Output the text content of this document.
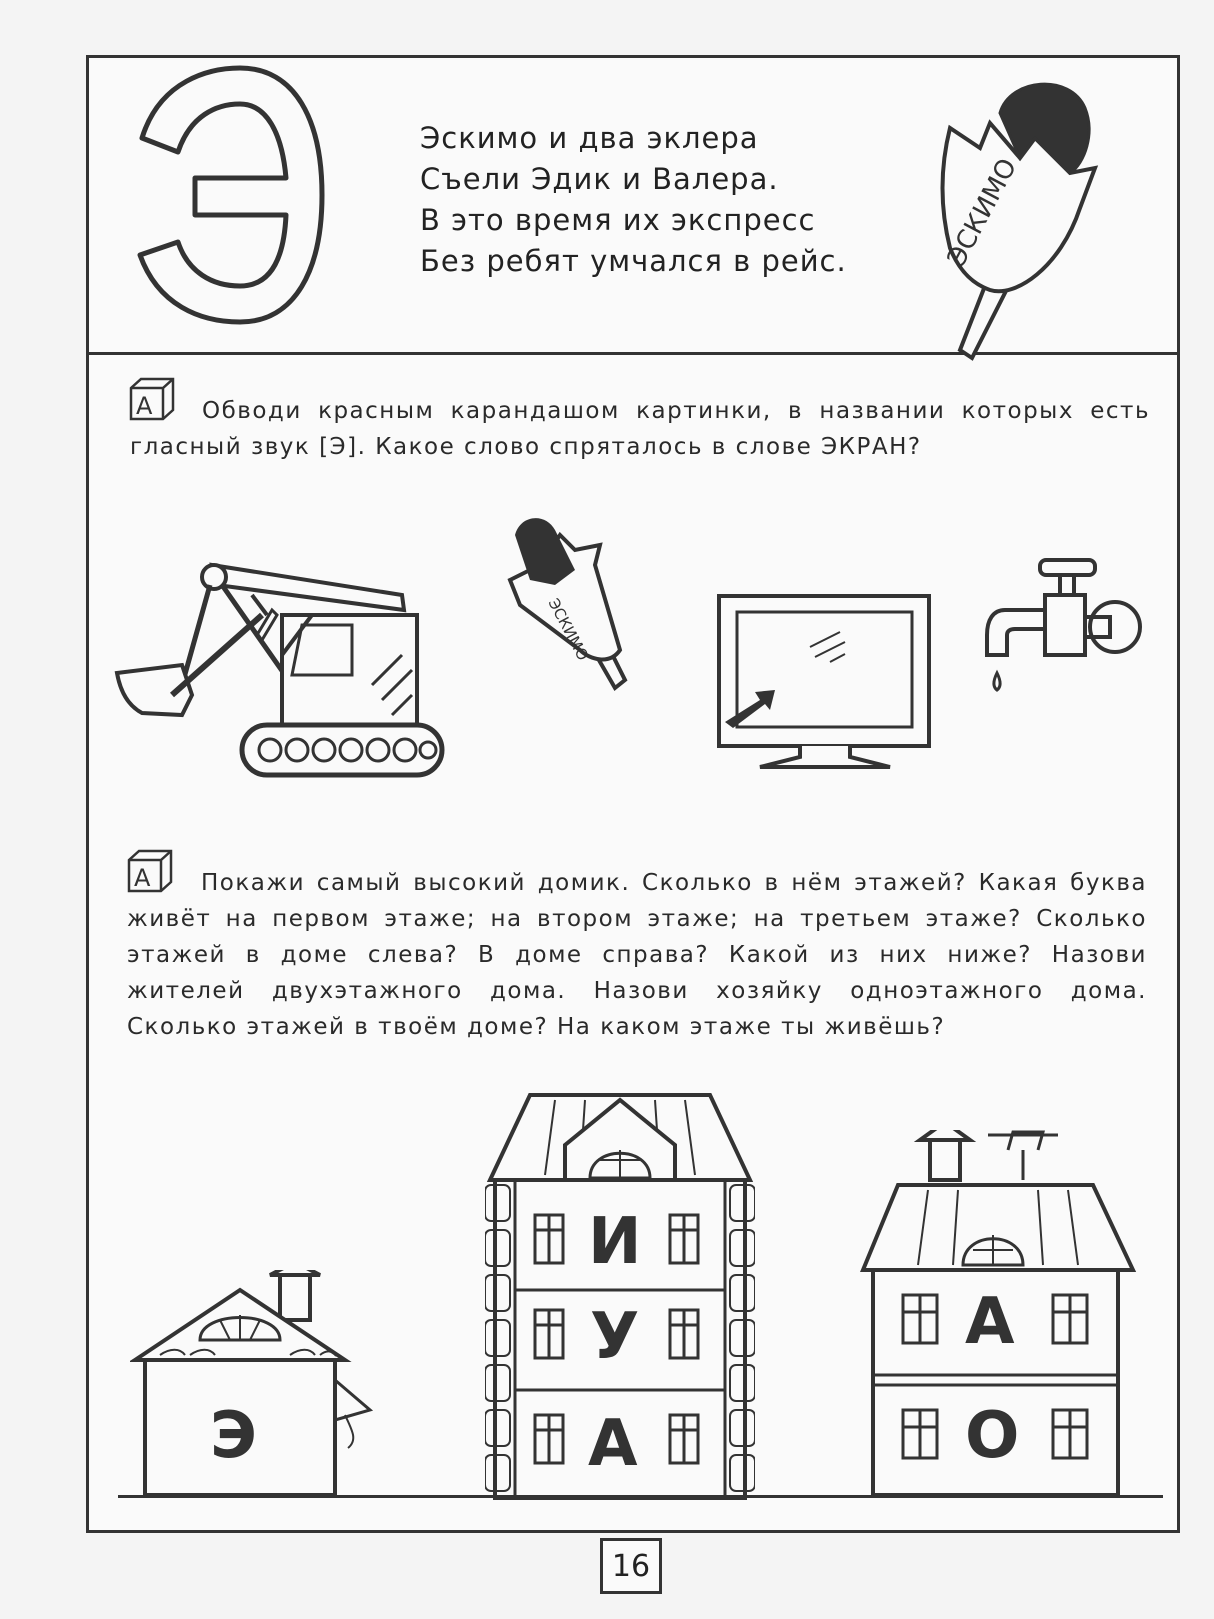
Эскимо и два эклера
Съели Эдик и Валера.
В это время их экспресс
Без ребят умчался в рейс.	ЭСКИМО
А	Обводи красным карандашом картинки, в названии которых есть гласный звук [Э]. Какое слово спряталось в слове ЭКРАН?

ЭСКИМО
А	Покажи самый высокий домик. Сколько в нём этажей? Какая буква живёт на первом этаже; на втором этаже; на третьем этаже? Сколько этажей в доме слева? В доме справа? Какой из них ниже? Назови жителей двухэтажного дома. Назови хозяйку одноэтажного дома. Сколько этажей в твоём доме? На каком этаже ты живёшь?

Э
И
У
А
А
О
16
